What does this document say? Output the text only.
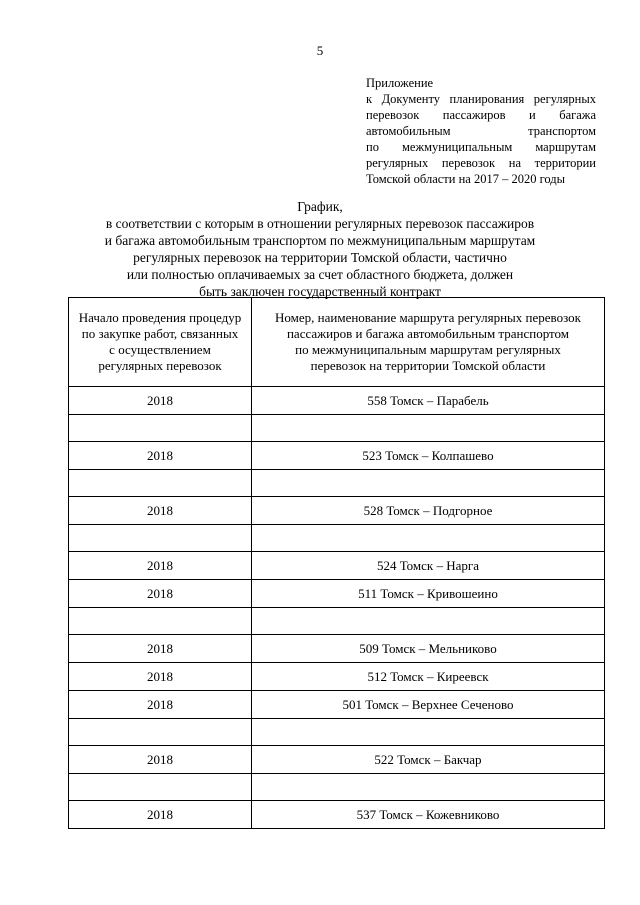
5
Приложение
к Документу планирования регулярных
перевозок пассажиров и багажа
автомобильным транспортом
по межмуниципальным маршрутам
регулярных перевозок на территории
Томской области на 2017 – 2020 годы
График,
в соответствии с которым в отношении регулярных перевозок пассажиров
и багажа автомобильным транспортом по межмуниципальным маршрутам
регулярных перевозок на территории Томской области, частично
или полностью оплачиваемых за счет областного бюджета, должен
быть заключен государственный контракт
Начало проведения процедур
по закупке работ, связанных
с осуществлением
регулярных перевозок	Номер, наименование маршрута регулярных перевозок
пассажиров и багажа автомобильным транспортом
по межмуниципальным маршрутам регулярных
перевозок на территории Томской области

2018	558 Томск – Парабель

2018	523 Томск – Колпашево

2018	528 Томск – Подгорное

2018	524 Томск – Нарга
2018	511 Томск – Кривошеино

2018	509 Томск – Мельниково
2018	512 Томск – Киреевск
2018	501 Томск – Верхнее Сеченово

2018	522 Томск – Бакчар

2018	537 Томск – Кожевниково
